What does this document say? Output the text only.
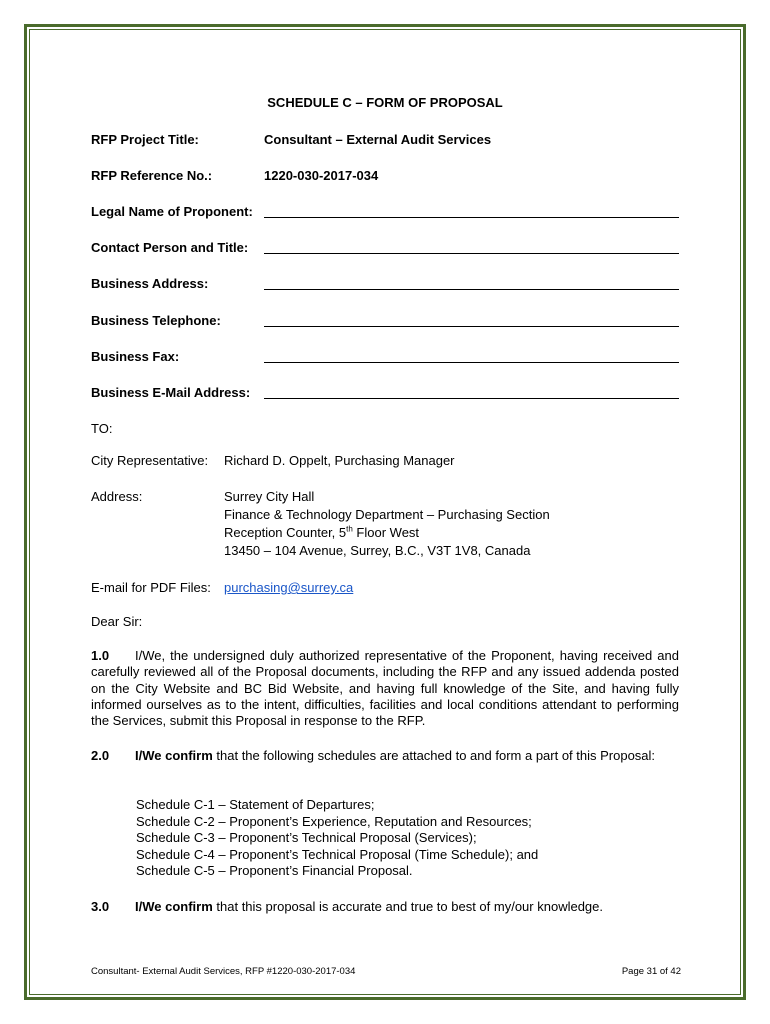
SCHEDULE C – FORM OF PROPOSAL
RFP Project Title:	Consultant – External Audit Services
RFP Reference No.:	1220-030-2017-034
Legal Name of Proponent:
Contact Person and Title:
Business Address:
Business Telephone:
Business Fax:
Business E-Mail Address:
TO:
City Representative: Richard D. Oppelt, Purchasing Manager
Address:	Surrey City Hall
Finance & Technology Department – Purchasing Section
Reception Counter, 5th Floor West
13450 – 104 Avenue, Surrey, B.C., V3T 1V8, Canada
E-mail for PDF Files: purchasing@surrey.ca
Dear Sir:
1.0 I/We, the undersigned duly authorized representative of the Proponent, having received and carefully reviewed all of the Proposal documents, including the RFP and any issued addenda posted on the City Website and BC Bid Website, and having full knowledge of the Site, and having fully informed ourselves as to the intent, difficulties, facilities and local conditions attendant to performing the Services, submit this Proposal in response to the RFP.
2.0 I/We confirm that the following schedules are attached to and form a part of this Proposal:
Schedule C-1 – Statement of Departures;
Schedule C-2 – Proponent’s Experience, Reputation and Resources;
Schedule C-3 – Proponent’s Technical Proposal (Services);
Schedule C-4 – Proponent’s Technical Proposal (Time Schedule); and
Schedule C-5 – Proponent’s Financial Proposal.
3.0 I/We confirm that this proposal is accurate and true to best of my/our knowledge.
Consultant- External Audit Services, RFP #1220-030-2017-034	Page 31 of 42
